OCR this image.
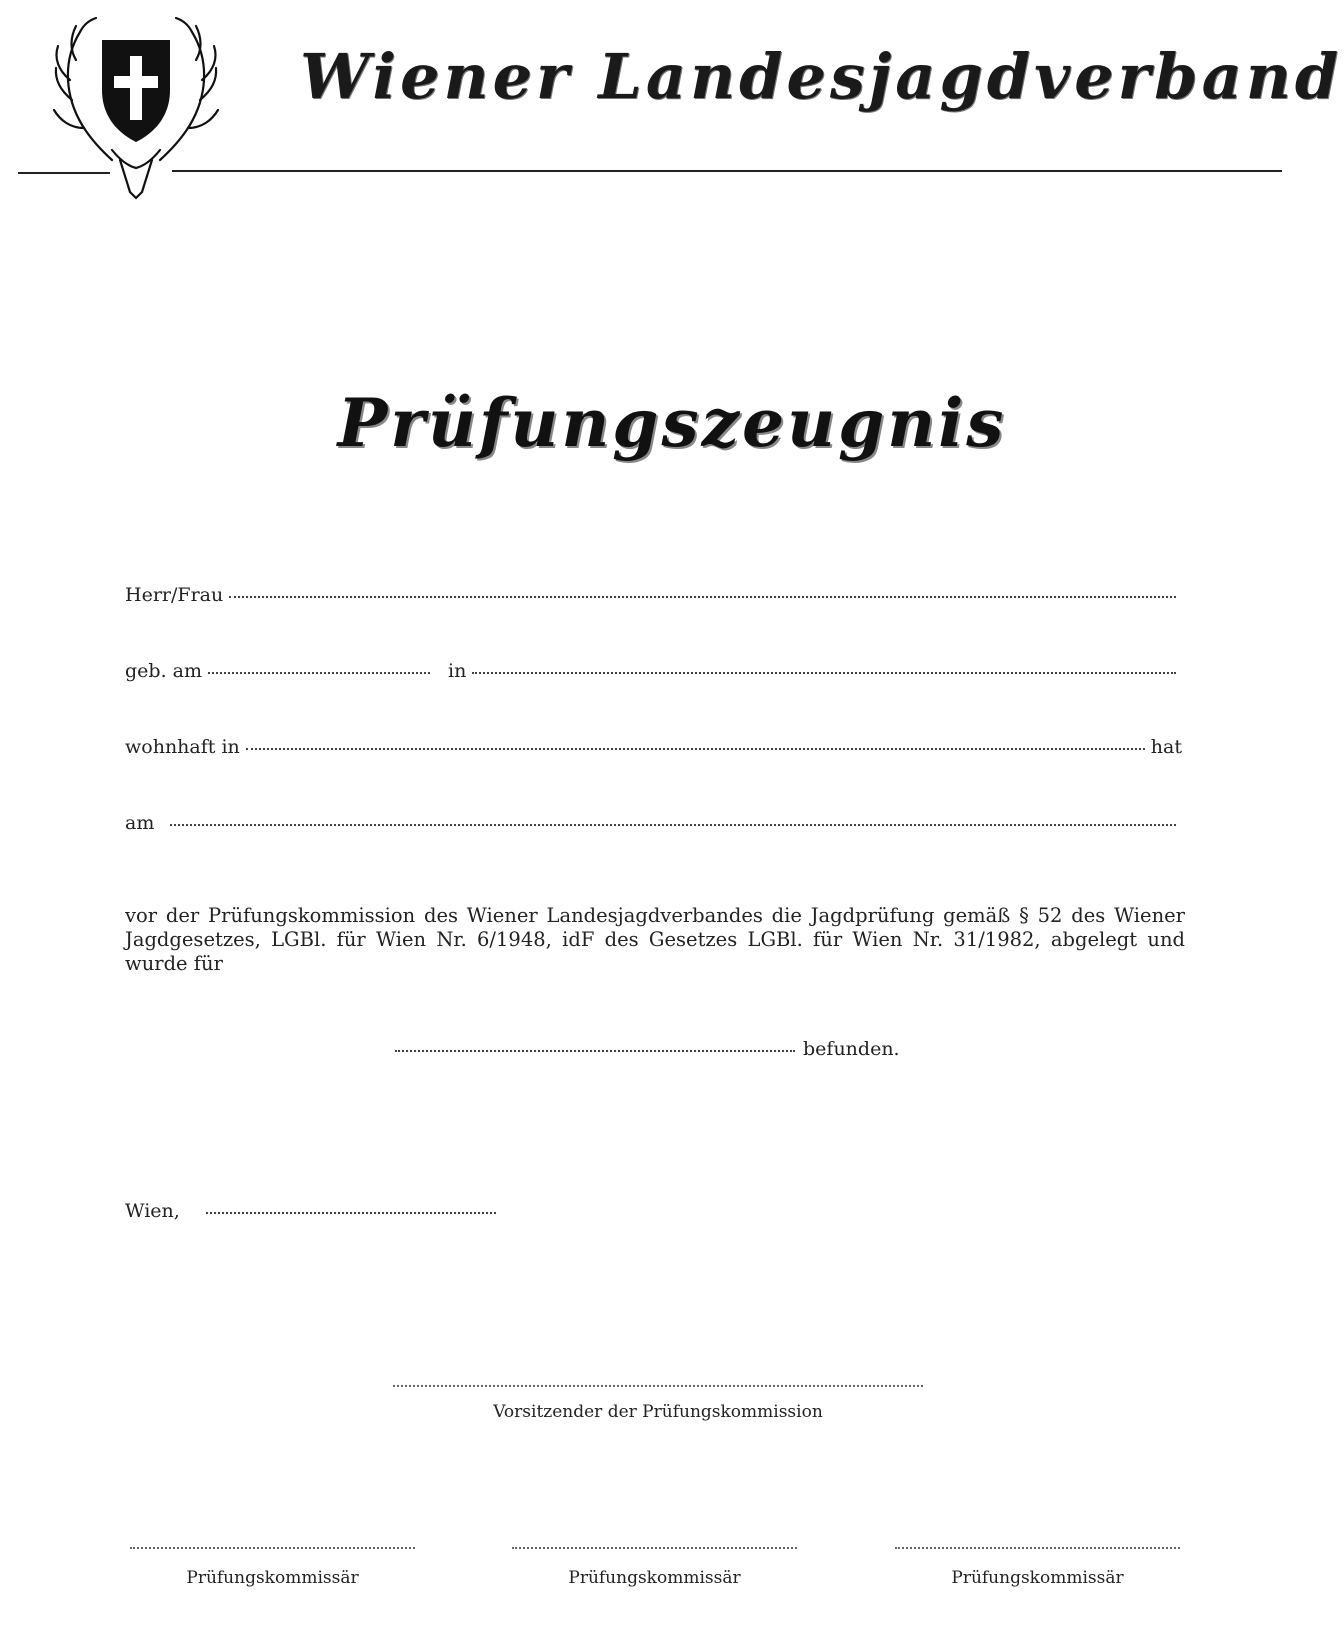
Wiener Landesjagdverband
Prüfungszeugnis
Herr/Frau
geb. am	in
wohnhaft in	hat
am
vor der Prüfungskommission des Wiener Landesjagdverbandes die Jagdprüfung gemäß § 52 des Wiener Jagdgesetzes, LGBl. für Wien Nr. 6/1948, idF des Gesetzes LGBl. für Wien Nr. 31/1982, abgelegt und wurde für
befunden.
Wien,
Vorsitzender der Prüfungskommission
Prüfungskommissär	Prüfungskommissär	Prüfungskommissär
